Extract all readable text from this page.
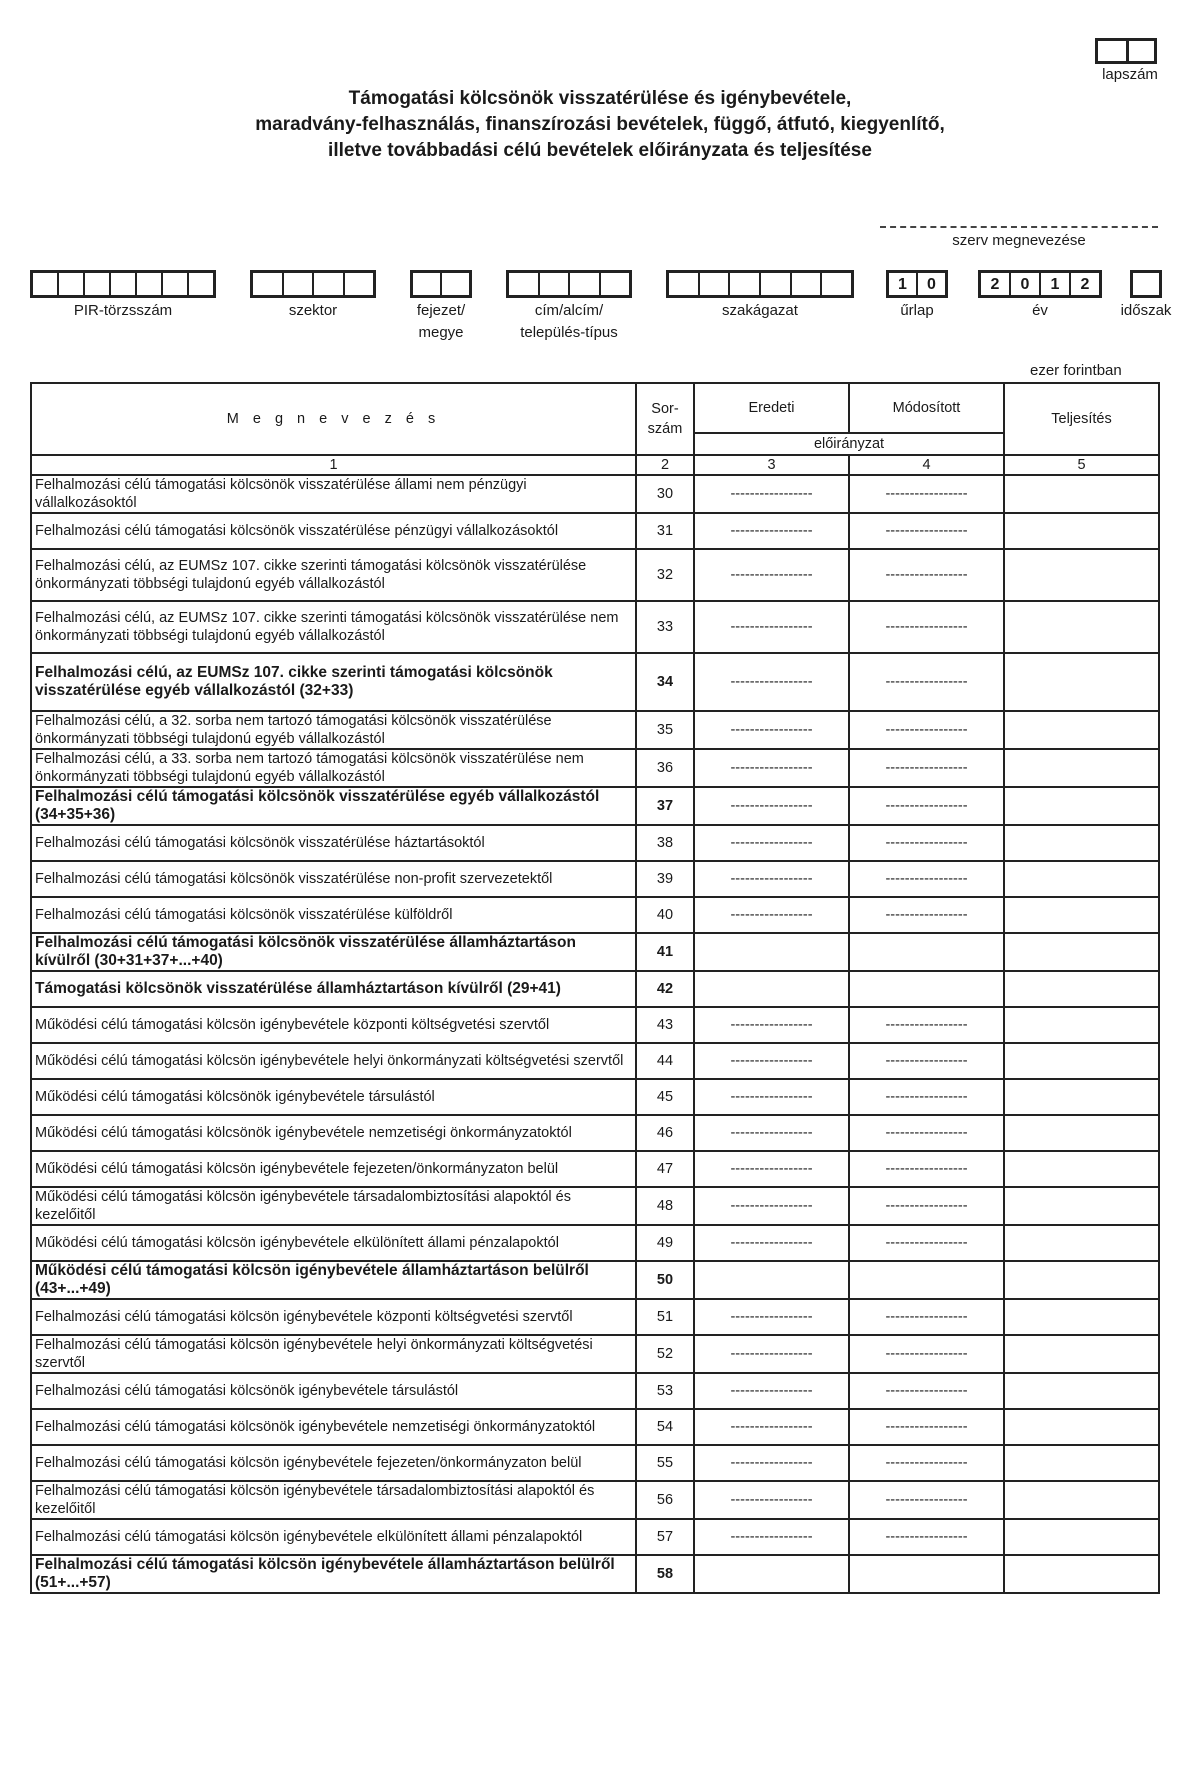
lapszám
Támogatási kölcsönök visszatérülése és igénybevétele,
maradvány-felhasználás, finanszírozási bevételek, függő, átfutó, kiegyenlítő,
illetve továbbadási célú bevételek előirányzata és teljesítése
szerv megnevezése
PIR-törzsszám	szektor	fejezet/
megye
cím/alcím/
település-típus
szakágazat
1	0
űrlap
2	0	1	2
év	időszak
ezer forintban
M e g n e v e z é s	Sor-
szám	Eredeti	Módosított	Teljesítés
		előirányzat		
1	2	3	4	5
Felhalmozási célú támogatási kölcsönök visszatérülése állami nem pénzügyi vállalkozásoktól	30	-----------------	-----------------	
Felhalmozási célú támogatási kölcsönök visszatérülése pénzügyi vállalkozásoktól	31	-----------------	-----------------	
Felhalmozási célú, az EUMSz 107. cikke szerinti támogatási kölcsönök visszatérülése önkormányzati többségi tulajdonú egyéb vállalkozástól	32	-----------------	-----------------	
Felhalmozási célú, az EUMSz 107. cikke szerinti támogatási kölcsönök visszatérülése nem önkormányzati többségi tulajdonú egyéb vállalkozástól	33	-----------------	-----------------	
Felhalmozási célú, az EUMSz 107. cikke szerinti támogatási kölcsönök visszatérülése egyéb vállalkozástól (32+33)	34	-----------------	-----------------	
Felhalmozási célú, a 32. sorba nem tartozó támogatási kölcsönök visszatérülése önkormányzati többségi tulajdonú egyéb vállalkozástól	35	-----------------	-----------------	
Felhalmozási célú, a 33. sorba nem tartozó támogatási kölcsönök visszatérülése nem önkormányzati többségi tulajdonú egyéb vállalkozástól	36	-----------------	-----------------	
Felhalmozási célú támogatási kölcsönök visszatérülése egyéb vállalkozástól (34+35+36)	37	-----------------	-----------------	
Felhalmozási célú támogatási kölcsönök visszatérülése háztartásoktól	38	-----------------	-----------------	
Felhalmozási célú támogatási kölcsönök visszatérülése non-profit szervezetektől	39	-----------------	-----------------	
Felhalmozási célú támogatási kölcsönök visszatérülése külföldről	40	-----------------	-----------------	
Felhalmozási célú támogatási kölcsönök visszatérülése államháztartáson kívülről (30+31+37+...+40)	41			
Támogatási kölcsönök visszatérülése államháztartáson kívülről (29+41)	42			
Működési célú támogatási kölcsön igénybevétele központi költségvetési szervtől	43	-----------------	-----------------	
Működési célú támogatási kölcsön igénybevétele helyi önkormányzati költségvetési szervtől	44	-----------------	-----------------	
Működési célú támogatási kölcsönök igénybevétele társulástól	45	-----------------	-----------------	
Működési célú támogatási kölcsönök igénybevétele nemzetiségi önkormányzatoktól	46	-----------------	-----------------	
Működési célú támogatási kölcsön igénybevétele fejezeten/önkormányzaton belül	47	-----------------	-----------------	
Működési célú támogatási kölcsön igénybevétele társadalombiztosítási alapoktól és kezelőitől	48	-----------------	-----------------	
Működési célú támogatási kölcsön igénybevétele elkülönített állami pénzalapoktól	49	-----------------	-----------------	
Működési célú támogatási kölcsön igénybevétele államháztartáson belülről (43+...+49)	50			
Felhalmozási célú támogatási kölcsön igénybevétele központi költségvetési szervtől	51	-----------------	-----------------	
Felhalmozási célú támogatási kölcsön igénybevétele helyi önkormányzati költségvetési szervtől	52	-----------------	-----------------	
Felhalmozási célú támogatási kölcsönök igénybevétele társulástól	53	-----------------	-----------------	
Felhalmozási célú támogatási kölcsönök igénybevétele nemzetiségi önkormányzatoktól	54	-----------------	-----------------	
Felhalmozási célú támogatási kölcsön igénybevétele fejezeten/önkormányzaton belül	55	-----------------	-----------------	
Felhalmozási célú támogatási kölcsön igénybevétele társadalombiztosítási alapoktól és kezelőitől	56	-----------------	-----------------	
Felhalmozási célú támogatási kölcsön igénybevétele elkülönített állami pénzalapoktól	57	-----------------	-----------------	
Felhalmozási célú támogatási kölcsön igénybevétele államháztartáson belülről (51+...+57)	58			
